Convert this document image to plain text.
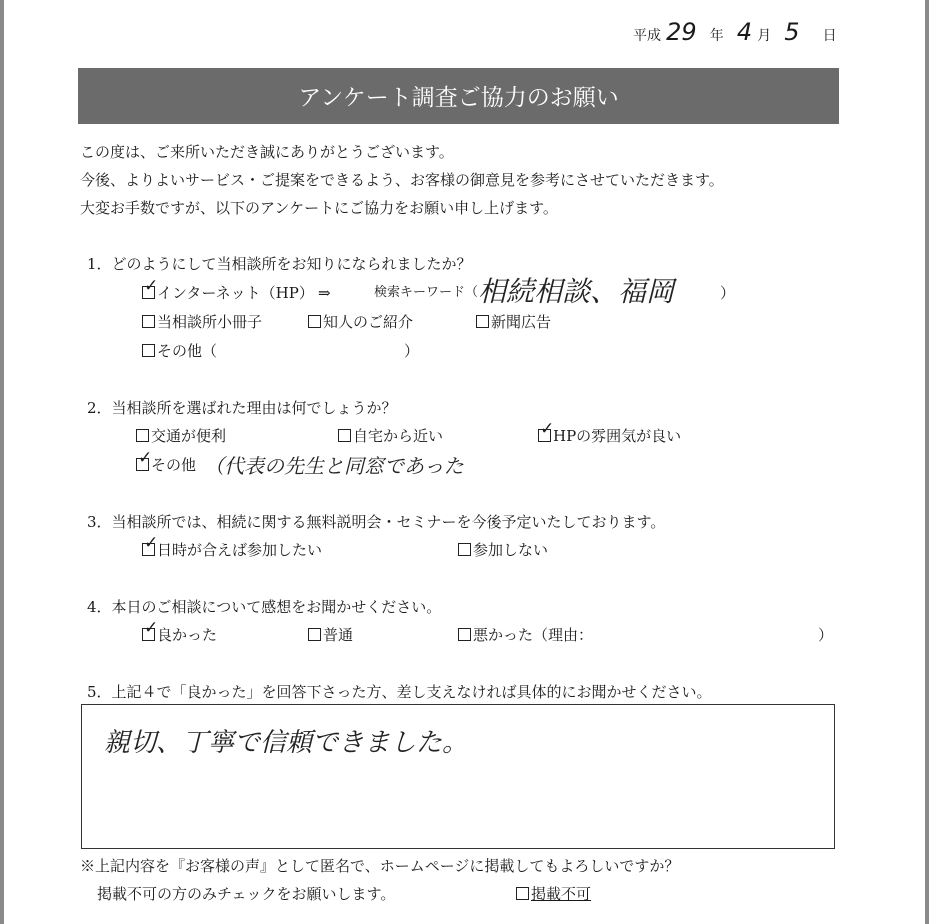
平成 29 年 4 月 5 日
アンケート調査ご協力のお願い
この度は、ご来所いただき誠にありがとうございます。
今後、よりよいサービス・ご提案をできるよう、お客様の御意見を参考にさせていただきます。
大変お手数ですが、以下のアンケートにご協力をお願い申し上げます。
1．どのようにして当相談所をお知りになられましたか？
✓
インターネット（HP） ⇒	検索キーワード（ 相続相談、福岡	）
当相談所小冊子	知人のご紹介	新聞広告
その他（	）
2．当相談所を選ばれた理由は何でしょうか？
交通が便利	自宅から近い	✓
HPの雰囲気が良い
✓
その他 （代表の先生と同窓であった
3．当相談所では、相続に関する無料説明会・セミナーを今後予定いたしております。
✓
日時が合えば参加したい	参加しない
4．本日のご相談について感想をお聞かせください。
✓
良かった	普通	悪かった（理由：	）
5．上記４で「良かった」を回答下さった方、差し支えなければ具体的にお聞かせください。
親切、丁寧で信頼できました。
※上記内容を『お客様の声』として匿名で、ホームページに掲載してもよろしいですか？
掲載不可の方のみチェックをお願いします。	掲載不可
